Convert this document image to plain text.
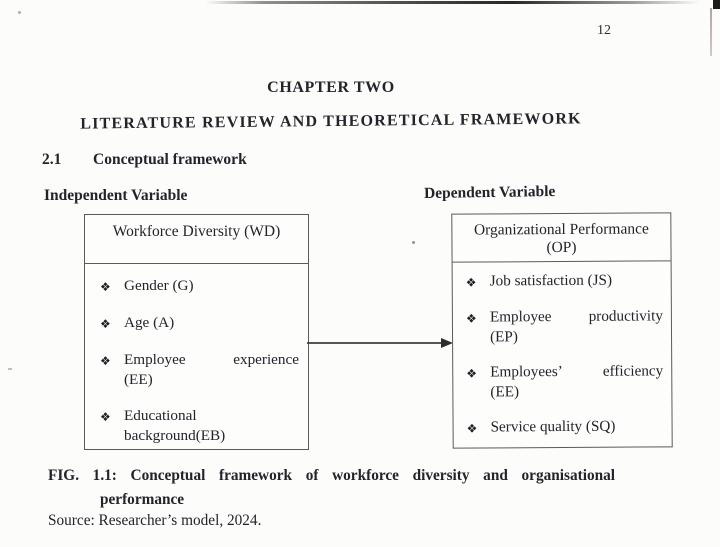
12
CHAPTER TWO
LITERATURE REVIEW AND THEORETICAL FRAMEWORK
2.1 Conceptual framework
Independent Variable	Dependent Variable
Workforce Diversity (WD)
❖ Gender (G)
❖ Age (A)
❖ Employee	experience
(EE)
❖ Educational
background(EB)
Organizational Performance
(OP)
❖ Job satisfaction (JS)
❖ Employee productivity
(EP)
❖ Employees’	efficiency
(EE)
❖ Service quality (SQ)
FIG. 1.1: Conceptual framework of workforce diversity and organisational
performance
Source: Researcher’s model, 2024.
